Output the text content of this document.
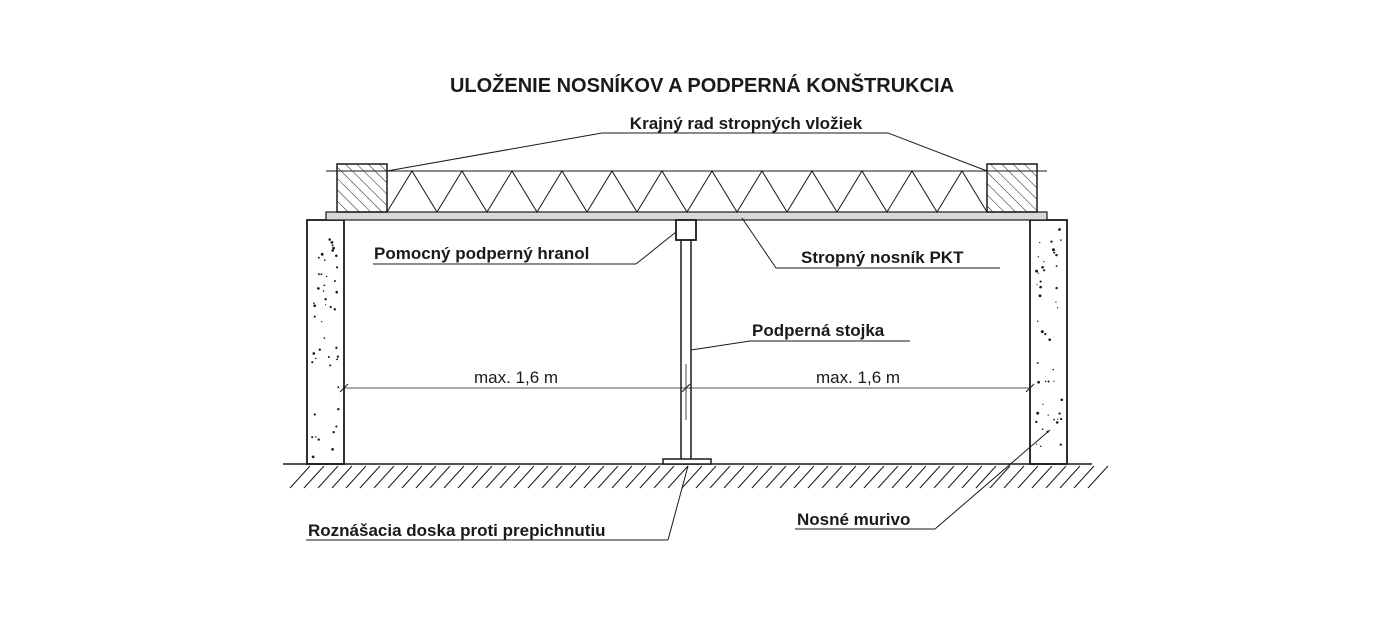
ULOŽENIE NOSNÍKOV A PODPERNÁ KONŠTRUKCIA
max. 1,6 m	max. 1,6 m
Krajný rad stropných vložiek
Pomocný podperný hranol	Stropný nosník PKT
Podperná stojka
Roznášacia doska proti prepichnutiu
Nosné murivo
